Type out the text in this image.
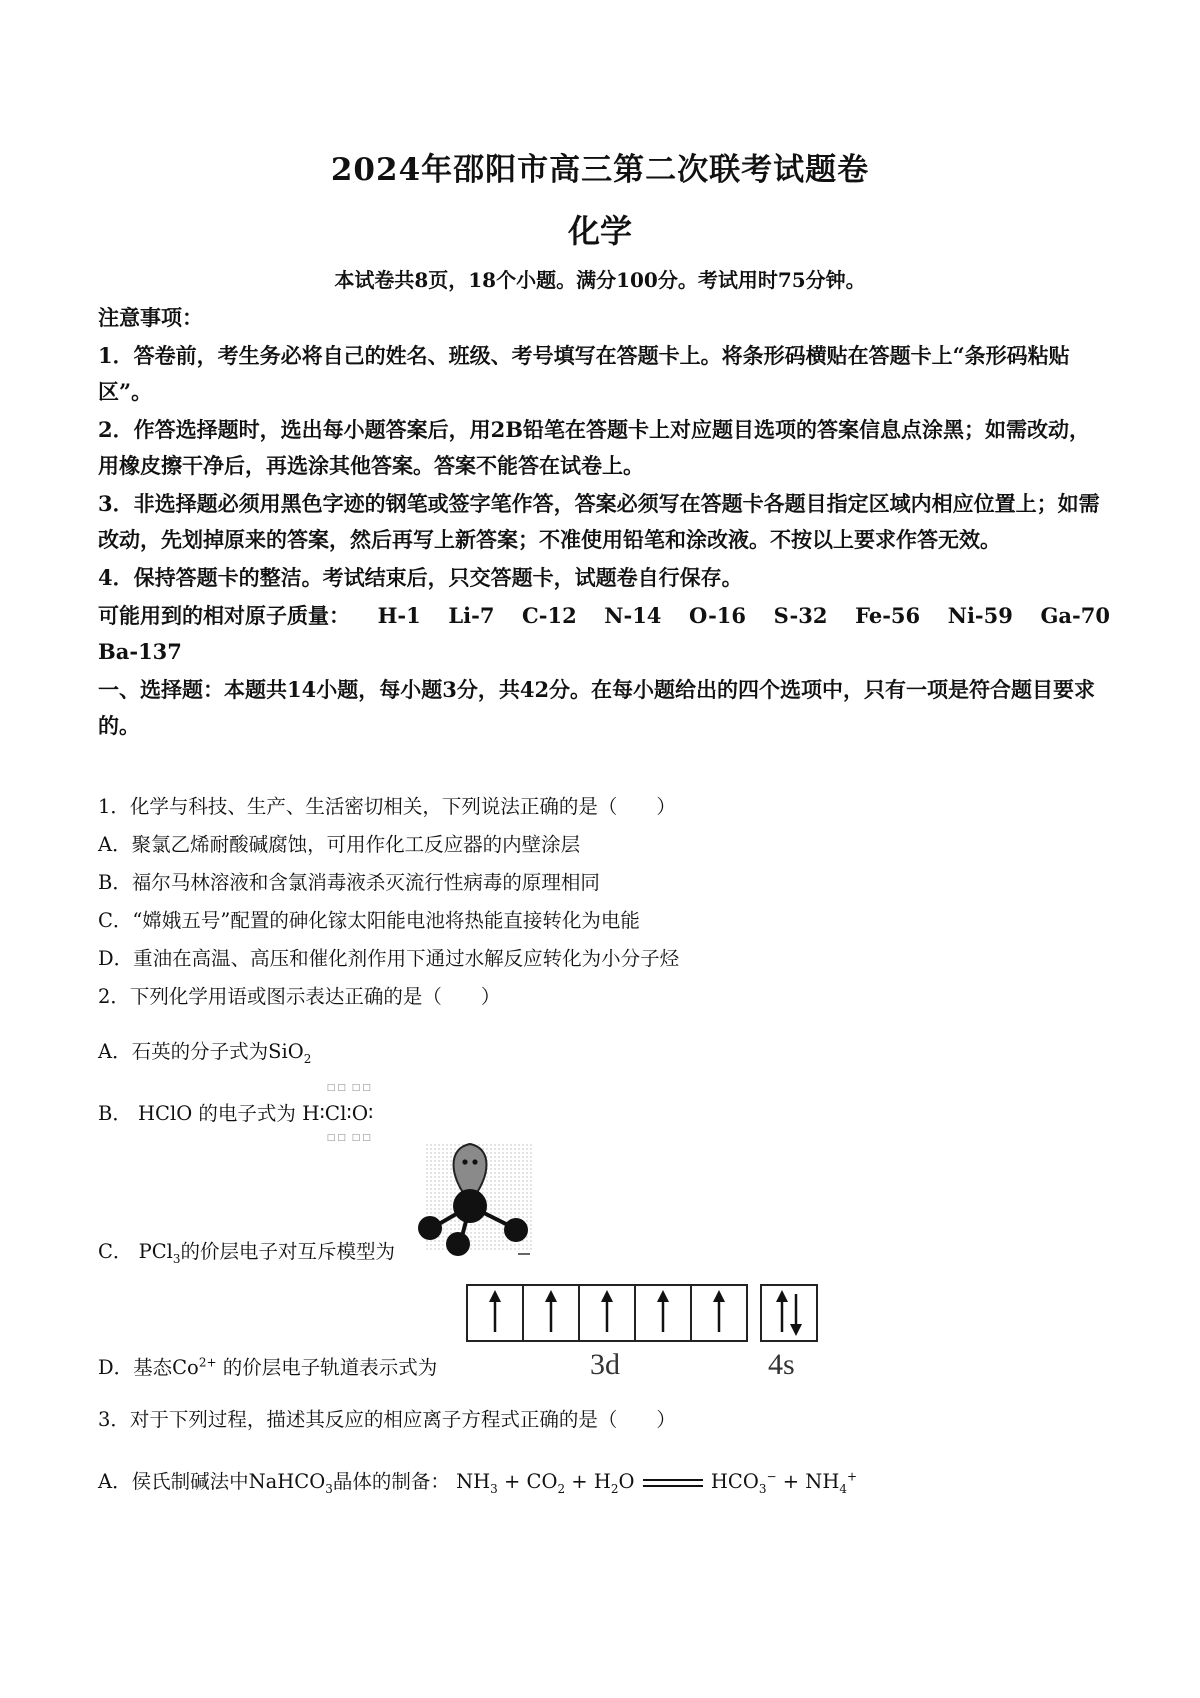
2024年邵阳市高三第二次联考试题卷
化学
本试卷共8页，18个小题。满分100分。考试用时75分钟。
注意事项：
1．答卷前，考生务必将自己的姓名、班级、考号填写在答题卡上。将条形码横贴在答题卡上“条形码粘贴区”。
2．作答选择题时，选出每小题答案后，用2B铅笔在答题卡上对应题目选项的答案信息点涂黑；如需改动，用橡皮擦干净后，再选涂其他答案。答案不能答在试卷上。
3．非选择题必须用黑色字迹的钢笔或签字笔作答，答案必须写在答题卡各题目指定区域内相应位置上；如需改动，先划掉原来的答案，然后再写上新答案；不准使用铅笔和涂改液。不按以上要求作答无效。
4．保持答题卡的整洁。考试结束后，只交答题卡，试题卷自行保存。
可能用到的相对原子质量： H-1 Li-7 C-12 N-14 O-16 S-32 Fe-56 Ni-59 Ga-70
Ba-137
一、选择题：本题共14小题，每小题3分，共42分。在每小题给出的四个选项中，只有一项是符合题目要求的。
1．化学与科技、生产、生活密切相关，下列说法正确的是（　　）
A．聚氯乙烯耐酸碱腐蚀，可用作化工反应器的内壁涂层
B．福尔马林溶液和含氯消毒液杀灭流行性病毒的原理相同
C．“嫦娥五号”配置的砷化镓太阳能电池将热能直接转化为电能
D．重油在高温、高压和催化剂作用下通过水解反应转化为小分子烃
2．下列化学用语或图示表达正确的是（　　）
A．石英的分子式为SiO$_2$
B． HClO 的电子式为 H∶
□□
Cl
□□
∶
□□
O
□□
∶
C． PCl$_3$的价层电子对互斥模型为
D．基态$Co^{2+}$ 的价层电子轨道表示式为	3d	4s
3．对于下列过程，描述其反应的相应离子方程式正确的是（　　）
A．侯氏制碱法中NaHCO$_3$晶体的制备： $NH_3 + CO_2 + H_2O$	$HCO_3^- + NH_4^+$
